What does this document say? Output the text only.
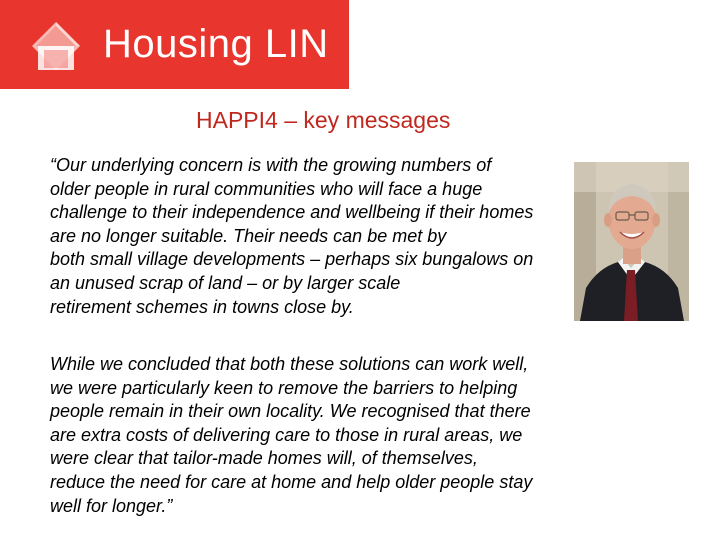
Housing LIN
HAPPI4 – key messages
“Our underlying concern is with the growing numbers of
older people in rural communities who will face a huge
challenge to their independence and wellbeing if their homes
are no longer suitable. Their needs can be met by
both small village developments – perhaps six bungalows on
an unused scrap of land – or by larger scale
retirement schemes in towns close by.
While we concluded that both these solutions can work well,
we were particularly keen to remove the barriers to helping
people remain in their own locality. We recognised that there
are extra costs of delivering care to those in rural areas, we
were clear that tailor-made homes will, of themselves,
reduce the need for care at home and help older people stay
well for longer.”
